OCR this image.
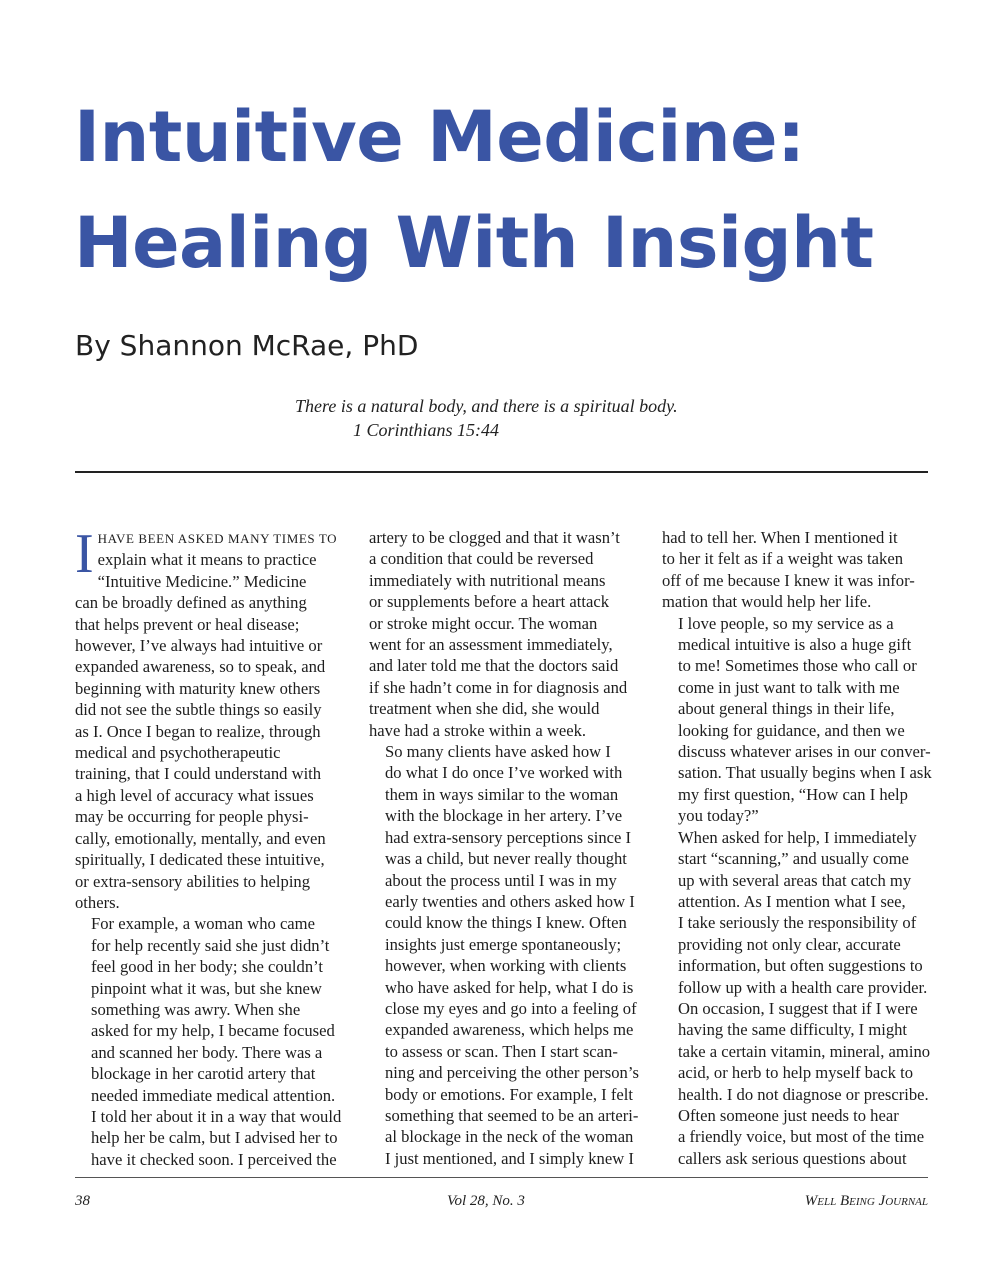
Intuitive Medicine:
Healing With Insight

By Shannon McRae, PhD

There is a natural body, and there is a spiritual body.
1 Corinthians 15:44

I HAVE BEEN ASKED MANY TIMES TO
explain what it means to practice
“Intuitive Medicine.” Medicine
can be broadly defined as anything
that helps prevent or heal disease;
however, I’ve always had intuitive or
expanded awareness, so to speak, and
beginning with maturity knew others
did not see the subtle things so easily
as I. Once I began to realize, through
medical and psychotherapeutic
training, that I could understand with
a high level of accuracy what issues
may be occurring for people physi-
cally, emotionally, mentally, and even
spiritually, I dedicated these intuitive,
or extra-sensory abilities to helping
others.

For example, a woman who came
for help recently said she just didn’t
feel good in her body; she couldn’t
pinpoint what it was, but she knew
something was awry. When she
asked for my help, I became focused
and scanned her body. There was a
blockage in her carotid artery that
needed immediate medical attention.
I told her about it in a way that would
help her be calm, but I advised her to
have it checked soon. I perceived the

artery to be clogged and that it wasn’t
a condition that could be reversed
immediately with nutritional means
or supplements before a heart attack
or stroke might occur. The woman
went for an assessment immediately,
and later told me that the doctors said
if she hadn’t come in for diagnosis and
treatment when she did, she would
have had a stroke within a week.

So many clients have asked how I
do what I do once I’ve worked with
them in ways similar to the woman
with the blockage in her artery. I’ve
had extra-sensory perceptions since I
was a child, but never really thought
about the process until I was in my
early twenties and others asked how I
could know the things I knew. Often
insights just emerge spontaneously;
however, when working with clients
who have asked for help, what I do is
close my eyes and go into a feeling of
expanded awareness, which helps me
to assess or scan. Then I start scan-
ning and perceiving the other person’s
body or emotions. For example, I felt
something that seemed to be an arteri-
al blockage in the neck of the woman
I just mentioned, and I simply knew I

had to tell her. When I mentioned it
to her it felt as if a weight was taken
off of me because I knew it was infor-
mation that would help her life.

I love people, so my service as a
medical intuitive is also a huge gift
to me! Sometimes those who call or
come in just want to talk with me
about general things in their life,
looking for guidance, and then we
discuss whatever arises in our conver-
sation. That usually begins when I ask
my first question, “How can I help
you today?”

When asked for help, I immediately
start “scanning,” and usually come
up with several areas that catch my
attention. As I mention what I see,
I take seriously the responsibility of
providing not only clear, accurate
information, but often suggestions to
follow up with a health care provider.
On occasion, I suggest that if I were
having the same difficulty, I might
take a certain vitamin, mineral, amino
acid, or herb to help myself back to
health. I do not diagnose or prescribe.

Often someone just needs to hear
a friendly voice, but most of the time
callers ask serious questions about

38	Vol 28, No. 3	Well Being Journal
